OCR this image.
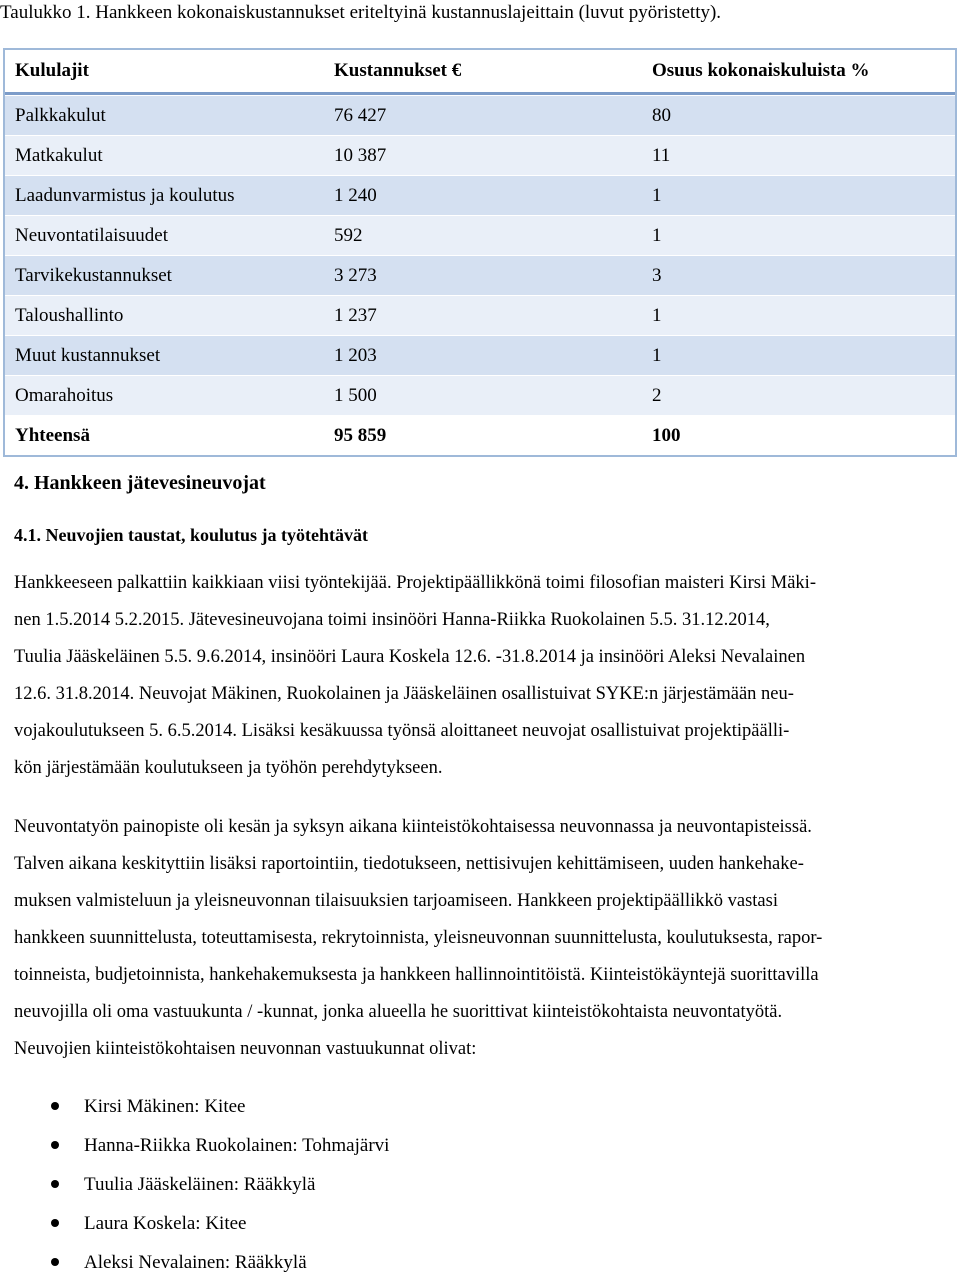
Taulukko 1. Hankkeen kokonaiskustannukset eriteltyinä kustannuslajeittain (luvut pyöristetty).
Kululajit	Kustannukset €	Osuus kokonaiskuluista %
Palkkakulut	76 427	80
Matkakulut	10 387	11
Laadunvarmistus ja koulutus	1 240	1
Neuvontatilaisuudet	592	1
Tarvikekustannukset	3 273	3
Taloushallinto	1 237	1
Muut kustannukset	1 203	1
Omarahoitus	1 500	2
Yhteensä	95 859	100
4. Hankkeen jätevesineuvojat
4.1. Neuvojien taustat, koulutus ja työtehtävät
Hankkeeseen palkattiin kaikkiaan viisi työntekijää. Projektipäällikkönä toimi filosofian maisteri Kirsi Mäki-
nen 1.5.2014 5.2.2015. Jätevesineuvojana toimi insinööri Hanna-Riikka Ruokolainen 5.5. 31.12.2014,
Tuulia Jääskeläinen 5.5. 9.6.2014, insinööri Laura Koskela 12.6. -31.8.2014 ja insinööri Aleksi Nevalainen
12.6. 31.8.2014. Neuvojat Mäkinen, Ruokolainen ja Jääskeläinen osallistuivat SYKE:n järjestämään neu-
vojakoulutukseen 5. 6.5.2014. Lisäksi kesäkuussa työnsä aloittaneet neuvojat osallistuivat projektipäälli-
kön järjestämään koulutukseen ja työhön perehdytykseen.
Neuvontatyön painopiste oli kesän ja syksyn aikana kiinteistökohtaisessa neuvonnassa ja neuvontapisteissä.
Talven aikana keskityttiin lisäksi raportointiin, tiedotukseen, nettisivujen kehittämiseen, uuden hankehake-
muksen valmisteluun ja yleisneuvonnan tilaisuuksien tarjoamiseen. Hankkeen projektipäällikkö vastasi
hankkeen suunnittelusta, toteuttamisesta, rekrytoinnista, yleisneuvonnan suunnittelusta, koulutuksesta, rapor-
toinneista, budjetoinnista, hankehakemuksesta ja hankkeen hallinnointitöistä. Kiinteistökäyntejä suorittavilla
neuvojilla oli oma vastuukunta / -kunnat, jonka alueella he suorittivat kiinteistökohtaista neuvontatyötä.
Neuvojien kiinteistökohtaisen neuvonnan vastuukunnat olivat:
Kirsi Mäkinen: Kitee
Hanna-Riikka Ruokolainen: Tohmajärvi
Tuulia Jääskeläinen: Rääkkylä
Laura Koskela: Kitee
Aleksi Nevalainen: Rääkkylä
